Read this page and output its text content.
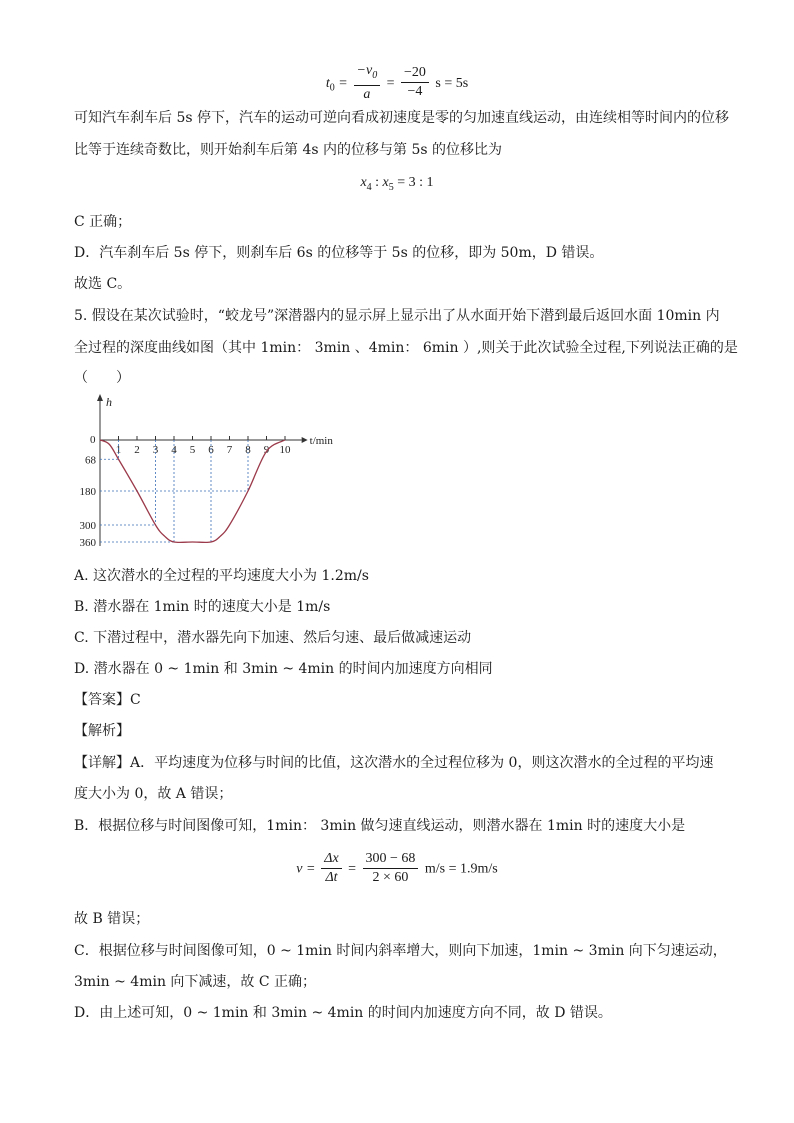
$t_0 = \frac{-v_0}{a} = \frac{-20}{-4}$ s = 5s
可知汽车刹车后 5s 停下，汽车的运动可逆向看成初速度是零的匀加速直线运动，由连续相等时间内的位移
比等于连续奇数比，则开始刹车后第 4s 内的位移与第 5s 的位移比为
$x_4$ : $x_5 = 3$ : 1
C 正确；
D．汽车刹车后 5s 停下，则刹车后 6s 的位移等于 5s 的位移，即为 50m，D 错误。
故选 C。
5. 假设在某次试验时，“蛟龙号”深潜器内的显示屏上显示出了从水面开始下潜到最后返回水面 10min 内
全过程的深度曲线如图（其中 1min： 3min 、4min： 6min ）,则关于此次试验全过程,下列说法正确的是
（　　）
h
t/min
0
1 2 3 4 5 6 7 8 9 10
68
180
300
360
A. 这次潜水的全过程的平均速度大小为 1.2m/s
B. 潜水器在 1min 时的速度大小是 1m/s
C. 下潜过程中，潜水器先向下加速、然后匀速、最后做减速运动
D. 潜水器在 0 ~ 1min 和 3min ~ 4min 的时间内加速度方向相同
【答案】C
【解析】
【详解】A．平均速度为位移与时间的比值，这次潜水的全过程位移为 0，则这次潜水的全过程的平均速
度大小为 0，故 A 错误；
B．根据位移与时间图像可知，1min： 3min 做匀速直线运动，则潜水器在 1min 时的速度大小是
$v = \frac{\Delta x}{\Delta t} = \frac{300 - 68}{2 \times 60} m/s = 1.9m/s$
故 B 错误；
C．根据位移与时间图像可知，0 ~ 1min 时间内斜率增大，则向下加速，1min ~ 3min 向下匀速运动，
3min ~ 4min 向下减速，故 C 正确；
D．由上述可知，0 ~ 1min 和 3min ~ 4min 的时间内加速度方向不同，故 D 错误。
